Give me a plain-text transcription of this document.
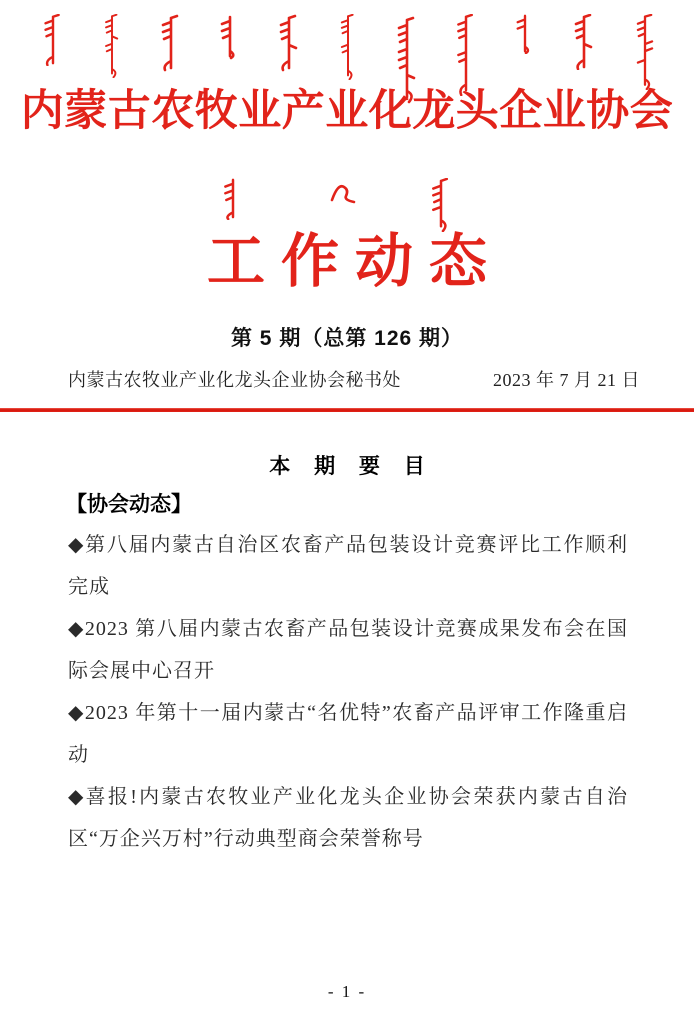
内蒙古农牧业产业化龙头企业协会
工作动态
第 5 期（总第 126 期）
内蒙古农牧业产业化龙头企业协会秘书处	2023 年 7 月 21 日
本 期 要 目
【协会动态】

◆第八届内蒙古自治区农畜产品包装设计竞赛评比工作顺利完成

◆2023 第八届内蒙古农畜产品包装设计竞赛成果发布会在国际会展中心召开

◆2023 年第十一届内蒙古“名优特”农畜产品评审工作隆重启动

◆喜报!内蒙古农牧业产业化龙头企业协会荣获内蒙古自治区“万企兴万村”行动典型商会荣誉称号

- 1 -
